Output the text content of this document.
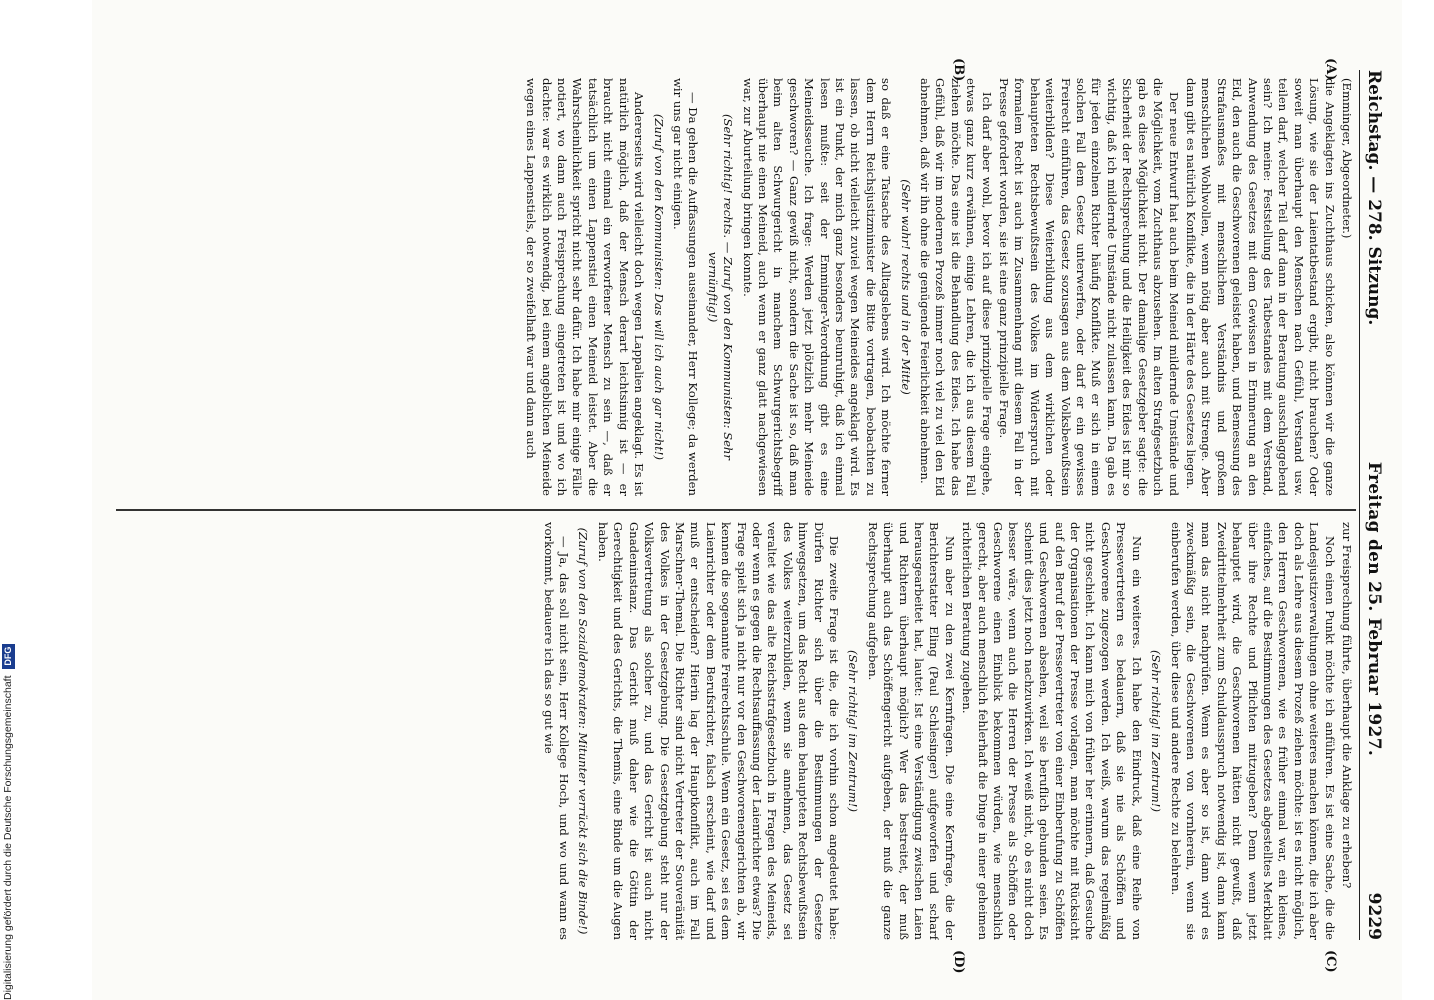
Reichstag. — 278. Sitzung.
Freitag den 25. Februar 1927.
9229
(A)
(B)
(C)
(D)

(Emminger, Abgeordneter.)

die Angeklagten ins Zuchthaus schicken, also können wir die ganze Lösung, wie sie der Laientatbestand ergibt, nicht brauchen? Oder soweit man überhaupt den Menschen nach Gefühl, Verstand usw. teilen darf, welcher Teil darf dann in der Beratung ausschlaggebend sein? Ich meine: Feststellung des Tatbestandes mit dem Verstand, Anwendung des Gesetzes mit dem Gewissen in Erinnerung an den Eid, den auch die Geschworenen geleistet haben, und Bemessung des Strafausmaßes mit menschlichem Verständnis und großem menschlichen Wohlwollen, wenn nötig aber auch mit Strenge. Aber dann gibt es natürlich Konflikte, die in der Härte des Gesetzes liegen.

Der neue Entwurf hat auch beim Meineid mildernde Umstände und die Möglichkeit, vom Zuchthaus abzusehen. Im alten Strafgesetzbuch gab es diese Möglichkeit nicht. Der damalige Gesetzgeber sagte: die Sicherheit der Rechtsprechung und die Heiligkeit des Eides ist mir so wichtig, daß ich mildernde Umstände nicht zulassen kann. Da gab es für jeden einzelnen Richter häufig Konflikte. Muß er sich in einem solchen Fall dem Gesetz unterwerfen, oder darf er ein gewisses Freirecht einführen, das Gesetz sozusagen aus dem Volksbewußtsein weiterbilden? Diese Weiterbildung aus dem wirklichen oder behaupteten Rechtsbewußtsein des Volkes im Widerspruch mit formalem Recht ist auch im Zusammenhang mit diesem Fall in der Presse gefordert worden, sie ist eine ganz prinzipielle Frage.

Ich darf aber wohl, bevor ich auf diese prinzipielle Frage eingehe, etwas ganz kurz erwähnen, einige Lehren, die ich aus diesem Fall ziehen möchte. Das eine ist die Behandlung des Eides. Ich habe das Gefühl, daß wir im modernen Prozeß immer noch viel zu viel den Eid abnehmen, daß wir ihn ohne die genügende Feierlichkeit abnehmen.

(Sehr wahr! rechts und in der Mitte)

so daß er eine Tatsache des Alltagslebens wird. Ich möchte ferner dem Herrn Reichsjustizminister die Bitte vortragen, beobachten zu lassen, ob nicht vielleicht zuviel wegen Meineides angeklagt wird. Es ist ein Punkt, der mich ganz besonders beunruhigt, daß ich einmal lesen mußte: seit der Emminger-Verordnung gibt es eine Meineidsseuche. Ich frage: Werden jetzt plötzlich mehr Meineide geschworen? — Ganz gewiß nicht, sondern die Sache ist so, daß man beim alten Schwurgericht in manchem Schwurgerichtsbegriff überhaupt nie einen Meineid, auch wenn er ganz glatt nachgewiesen war, zur Aburteilung bringen konnte.

(Sehr richtig! rechts. — Zuruf von den Kommunisten: Sehr vernünftig!)

— Da gehen die Auffassungen auseinander, Herr Kollege; da werden wir uns gar nicht einigen.

(Zuruf von den Kommunisten: Das will ich auch gar nicht!)

Andererseits wird vielleicht doch wegen Lappalien angeklagt. Es ist natürlich möglich, daß der Mensch derart leichtsinnig ist — er braucht nicht einmal ein verworfener Mensch zu sein —, daß er tatsächlich um einen Lappenstiel einen Meineid leistet. Aber die Wahrscheinlichkeit spricht nicht sehr dafür. Ich habe mir einige Fälle notiert, wo dann auch Freisprechung eingetreten ist und wo ich dachte: war es wirklich notwendig, bei einem angeblichen Meineide wegen eines Lappenstiels, der so zweifelhaft war und dann auch

zur Freisprechung führte, überhaupt die Anklage zu erheben?

Noch einen Punkt möchte ich anführen. Es ist eine Sache, die die Landesjustizverwaltungen ohne weiteres machen können, die ich aber doch als Lehre aus diesem Prozeß ziehen möchte: ist es nicht möglich, den Herren Geschworenen, wie es früher einmal war, ein kleines, einfaches, auf die Bestimmungen des Gesetzes abgestelltes Merkblatt über ihre Rechte und Pflichten mitzugeben? Denn wenn jetzt behauptet wird, die Geschworenen hätten nicht gewußt, daß Zweidrittelmehrheit zum Schuldausspruch notwendig ist, dann kann man das nicht nachprüfen. Wenn es aber so ist, dann wird es zweckmäßig sein, die Geschworenen von vornherein, wenn sie einberufen werden, über diese und andere Rechte zu belehren.

(Sehr richtig! im Zentrum!)

Nun ein weiteres. Ich habe den Eindruck, daß eine Reihe von Pressevertretern es bedauern, daß sie nie als Schöffen und Geschworene zugezogen werden. Ich weiß, warum das regelmäßig nicht geschieht. Ich kann mich von früher her erinnern, daß Gesuche der Organisationen der Presse vorlagen, man möchte mit Rücksicht auf den Beruf der Pressevertreter von einer Einberufung zu Schöffen und Geschworenen absehen, weil sie beruflich gebunden seien. Es scheint dies jetzt noch nachzuwirken. Ich weiß nicht, ob es nicht doch besser wäre, wenn auch die Herren der Presse als Schöffen oder Geschworene einen Einblick bekommen würden, wie menschlich gerecht, aber auch menschlich fehlerhaft die Dinge in einer geheimen richterlichen Beratung zugehen.

Nun aber zu den zwei Kernfragen. Die eine Kernfrage, die der Berichterstatter Eling (Paul Schlesinger) aufgeworfen und scharf herausgearbeitet hat, lautet: Ist eine Verständigung zwischen Laien und Richtern überhaupt möglich? Wer das bestreitet, der muß überhaupt auch das Schöffengericht aufgeben, der muß die ganze Rechtsprechung aufgeben.

(Sehr richtig! im Zentrum!)

Die zweite Frage ist die, die ich vorhin schon angedeutet habe: Dürfen Richter sich über die Bestimmungen der Gesetze hinwegsetzen, um das Recht aus dem behaupteten Rechtsbewußtsein des Volkes weiterzubilden, wenn sie annehmen, das Gesetz sei veraltet wie das alte Reichsstrafgesetzbuch in Fragen des Meineids, oder wenn es gegen die Rechtsauffassung der Laienrichter etwas? Die Frage spielt sich ja nicht nur vor den Geschworenengerichten ab, wir kennen die sogenannte Freirechtsschule. Wenn ein Gesetz, sei es dem Laienrichter oder dem Berufsrichter, falsch erscheint, wie darf und muß er entscheiden? Hierin lag der Hauptkonflikt, auch im Fall Marschner-Themal. Die Richter sind nicht Vertreter der Souveränität des Volkes in der Gesetzgebung. Die Gesetzgebung steht nur der Volksvertretung als solcher zu, und das Gericht ist auch nicht Gnadeninstanz. Das Gericht muß daher wie die Göttin der Gerechtigkeit und des Gerichts, die Themis, eine Binde um die Augen haben.

(Zuruf von den Sozialdemokraten: Mitunter verrückt sich die Binde!)

— Ja, das soll nicht sein, Herr Kollege Hoch, und wo und wann es vorkommt, bedauere ich das so gut wie

Digitalisierung gefördert durch die Deutsche Forschungsgemeinschaft DFG
